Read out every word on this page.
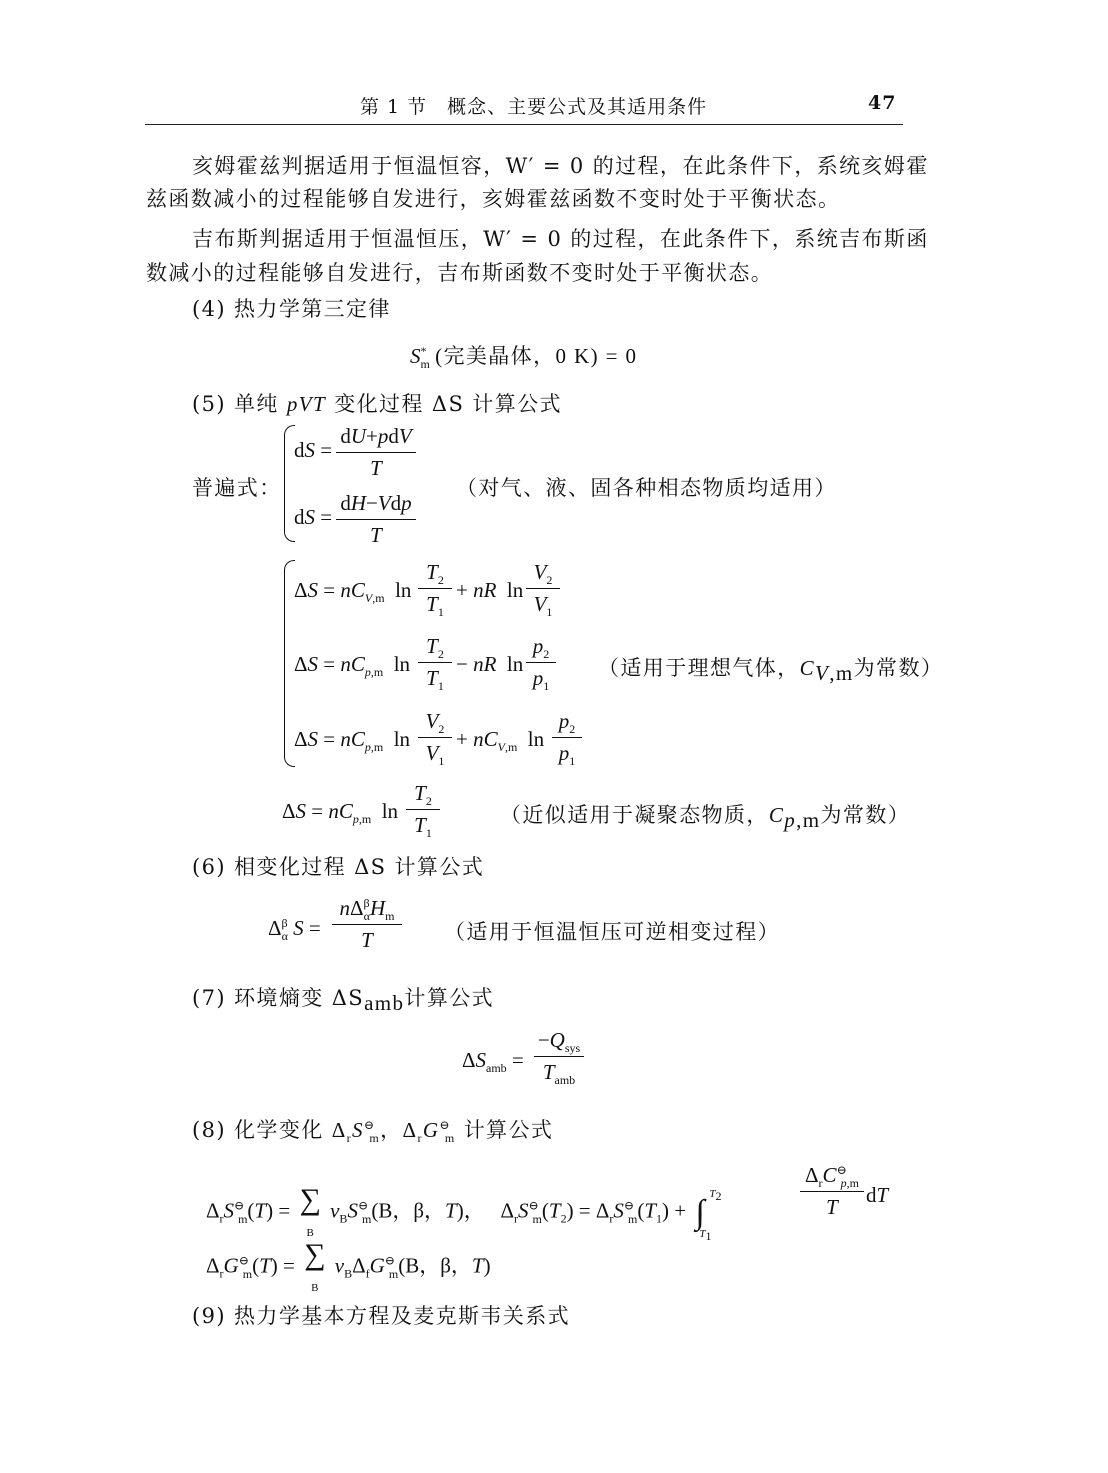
第 1 节　概念、主要公式及其适用条件	47
亥姆霍兹判据适用于恒温恒容，W′ = 0 的过程，在此条件下，系统亥姆霍
兹函数减小的过程能够自发进行，亥姆霍兹函数不变时处于平衡状态。
吉布斯判据适用于恒温恒压，W′ = 0 的过程，在此条件下，系统吉布斯函
数减小的过程能够自发进行，吉布斯函数不变时处于平衡状态。
(4) 热力学第三定律
$S^*_m$ (完美晶体，0 K) = 0
(5) 单纯 pVT 变化过程 ΔS 计算公式
普遍式：
dS =
dU+pdV
T
dS =
dH−Vdp
T
（对气、液、固各种相态物质均适用）
$\Delta S = nC_{V,m}$  ln
$T_2$
$T_1$
+ nR  ln
$V_2$
$V_1$
$\Delta S = nC_{p,m}$  ln
$T_2$
$T_1$
− nR  ln
$p_2$
$p_1$
（适用于理想气体，$C_{V,m}$为常数）
$\Delta S = nC_{p,m}$  ln
$V_2$
$V_1$
+ $nC_{V,m}$  ln
$p_2$
$p_1$
$\Delta S = nC_{p,m}$  ln
$T_2$
$T_1$
（近似适用于凝聚态物质，$C_{p,m}$为常数）
(6) 相变化过程 ΔS 计算公式
$\Delta^\beta_\alpha$ S =
$n\Delta^\beta_\alpha H_m$
T	（适用于恒温恒压可逆相变过程）
(7) 环境熵变 $\Delta S_{amb}$计算公式
$\Delta S_{amb}$ =
$-Q_{sys}$
$T_{amb}$
(8) 化学变化 $\Delta_rS^⊖_m$，$\Delta_rG^⊖_m$ 计算公式
$\Delta_rS^⊖_m(T)$ = ∑
B $\nu_BS^⊖_m(B$，β，T)，   $\Delta_rS^⊖_m(T_2) = \Delta_rS^⊖_m(T_1)$ + ∫ $T_2$
$T_1$
$\Delta_rC^⊖_{p,m}$
T	dT
$\Delta_rG^⊖_m(T)$ = ∑
B $\nu_B\Delta_fG^⊖_m(B$，β，T)
(9) 热力学基本方程及麦克斯韦关系式
